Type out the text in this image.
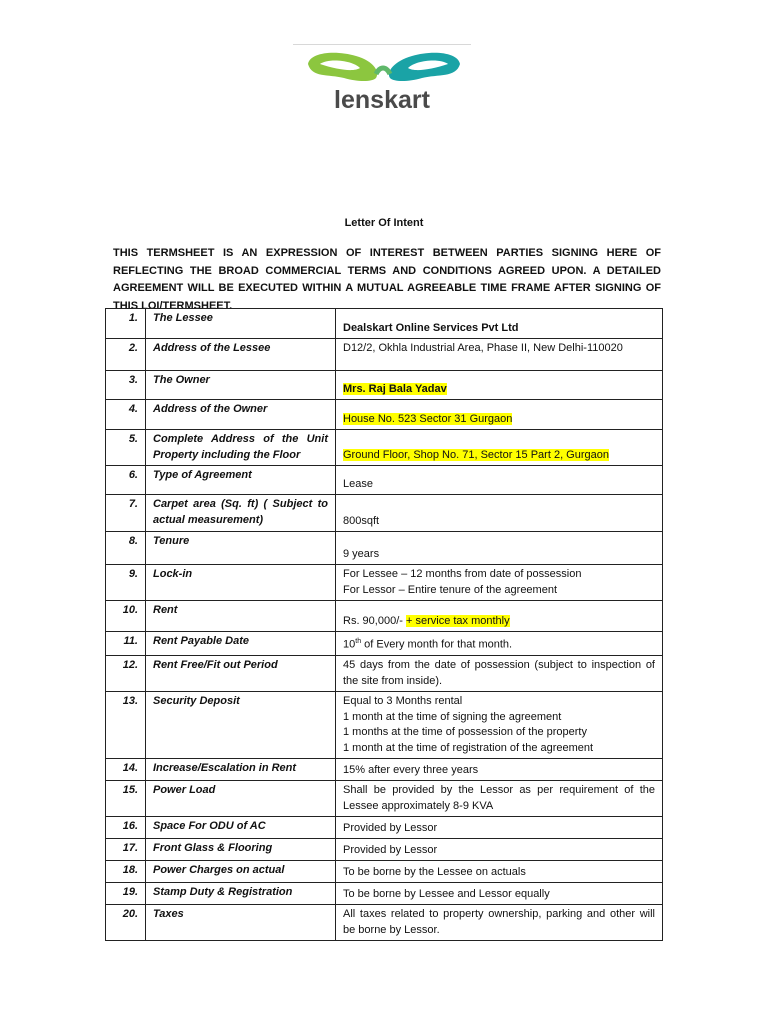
lenskart
Letter Of Intent
THIS TERMSHEET IS AN EXPRESSION OF INTEREST BETWEEN PARTIES SIGNING HERE OF REFLECTING THE BROAD COMMERCIAL TERMS AND CONDITIONS AGREED UPON. A DETAILED AGREEMENT WILL BE EXECUTED WITHIN A MUTUAL AGREEABLE TIME FRAME AFTER SIGNING OF THIS LOI/TERMSHEET.
1.	The Lessee	Dealskart Online Services Pvt Ltd
2.	Address of the Lessee	D12/2, Okhla Industrial Area, Phase II, New Delhi-110020
3.	The Owner	Mrs. Raj Bala Yadav
4.	Address of the Owner	House No. 523 Sector 31 Gurgaon
5.	Complete Address of the Unit Property including the Floor	Ground Floor, Shop No. 71, Sector 15 Part 2, Gurgaon
6.	Type of Agreement	Lease
7.	Carpet area (Sq. ft) ( Subject to actual measurement)	800sqft
8.	Tenure	9 years
9.	Lock-in	For Lessee – 12 months from date of possession
For Lessor – Entire tenure of the agreement

10.	Rent	Rs. 90,000/- + service tax monthly
11.	Rent Payable Date	10th of Every month for that month.
12.	Rent Free/Fit out Period	45 days from the date of possession (subject to inspection of the site from inside).
13.	Security Deposit	Equal to 3 Months rental
1 month at the time of signing the agreement
1 months at the time of possession of the property
1 month at the time of registration of the agreement

14.	Increase/Escalation in Rent	15% after every three years
15.	Power Load	Shall be provided by the Lessor as per requirement of the Lessee approximately 8-9 KVA
16.	Space For ODU of AC	Provided by Lessor
17.	Front Glass & Flooring	Provided by Lessor
18.	Power Charges on actual	To be borne by the Lessee on actuals
19.	Stamp Duty & Registration	To be borne by Lessee and Lessor equally
20.	Taxes	All taxes related to property ownership, parking and other will be borne by Lessor.
